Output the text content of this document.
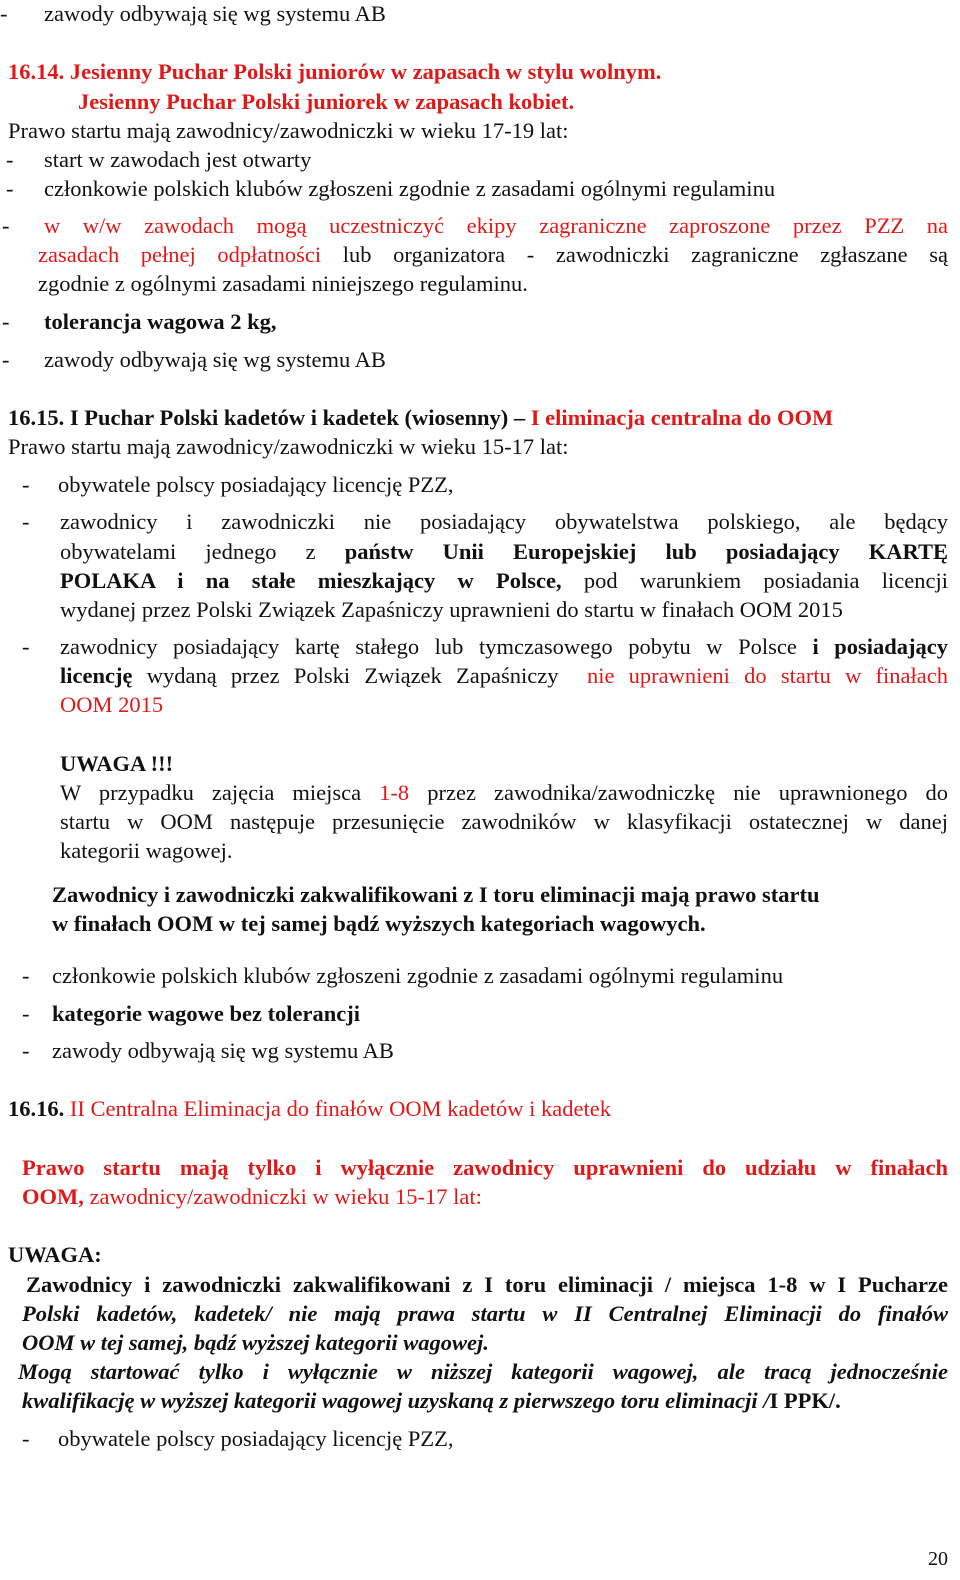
-	zawody odbywają się wg systemu AB
16.14. Jesienny Puchar Polski juniorów w zapasach w stylu wolnym.
Jesienny Puchar Polski juniorek w zapasach kobiet.
Prawo startu mają zawodnicy/zawodniczki w wieku 17-19 lat:
-	start w zawodach jest otwarty
-	członkowie polskich klubów zgłoszeni zgodnie z zasadami ogólnymi regulaminu
-	w w/w zawodach mogą uczestniczyć ekipy zagraniczne zaproszone przez PZZ na
zasadach pełnej odpłatności lub organizatora - zawodniczki zagraniczne zgłaszane są
zgodnie z ogólnymi zasadami niniejszego regulaminu.
-	tolerancja wagowa 2 kg,
-	zawody odbywają się wg systemu AB
16.15. I Puchar Polski kadetów i kadetek (wiosenny) – I eliminacja centralna do OOM
Prawo startu mają zawodnicy/zawodniczki w wieku 15-17 lat:
-	obywatele polscy posiadający licencję PZZ,
-	zawodnicy i zawodniczki nie posiadający obywatelstwa polskiego, ale będący
obywatelami jednego z państw Unii Europejskiej lub posiadający KARTĘ
POLAKA i na stałe mieszkający w Polsce, pod warunkiem posiadania licencji
wydanej przez Polski Związek Zapaśniczy uprawnieni do startu w finałach OOM 2015
-	zawodnicy posiadający kartę stałego lub tymczasowego pobytu w Polsce i posiadający
licencję wydaną przez Polski Związek Zapaśniczy nie uprawnieni do startu w finałach
OOM 2015
UWAGA !!!
W przypadku zajęcia miejsca 1-8 przez zawodnika/zawodniczkę nie uprawnionego do
startu w OOM następuje przesunięcie zawodników w klasyfikacji ostatecznej w danej
kategorii wagowej.
Zawodnicy i zawodniczki zakwalifikowani z I toru eliminacji mają prawo startu
w finałach OOM w tej samej bądź wyższych kategoriach wagowych.
-	członkowie polskich klubów zgłoszeni zgodnie z zasadami ogólnymi regulaminu
-	kategorie wagowe bez tolerancji
-	zawody odbywają się wg systemu AB
16.16. II Centralna Eliminacja do finałów OOM kadetów i kadetek
Prawo startu mają tylko i wyłącznie zawodnicy uprawnieni do udziału w finałach
OOM, zawodnicy/zawodniczki w wieku 15-17 lat:
UWAGA:
Zawodnicy i zawodniczki zakwalifikowani z I toru eliminacji / miejsca 1-8 w I Pucharze
Polski kadetów, kadetek/ nie mają prawa startu w II Centralnej Eliminacji do finałów
OOM w tej samej, bądź wyższej kategorii wagowej.
Mogą startować tylko i wyłącznie w niższej kategorii wagowej, ale tracą jednocześnie
kwalifikację w wyższej kategorii wagowej uzyskaną z pierwszego toru eliminacji /I PPK/.
-	obywatele polscy posiadający licencję PZZ,
20
